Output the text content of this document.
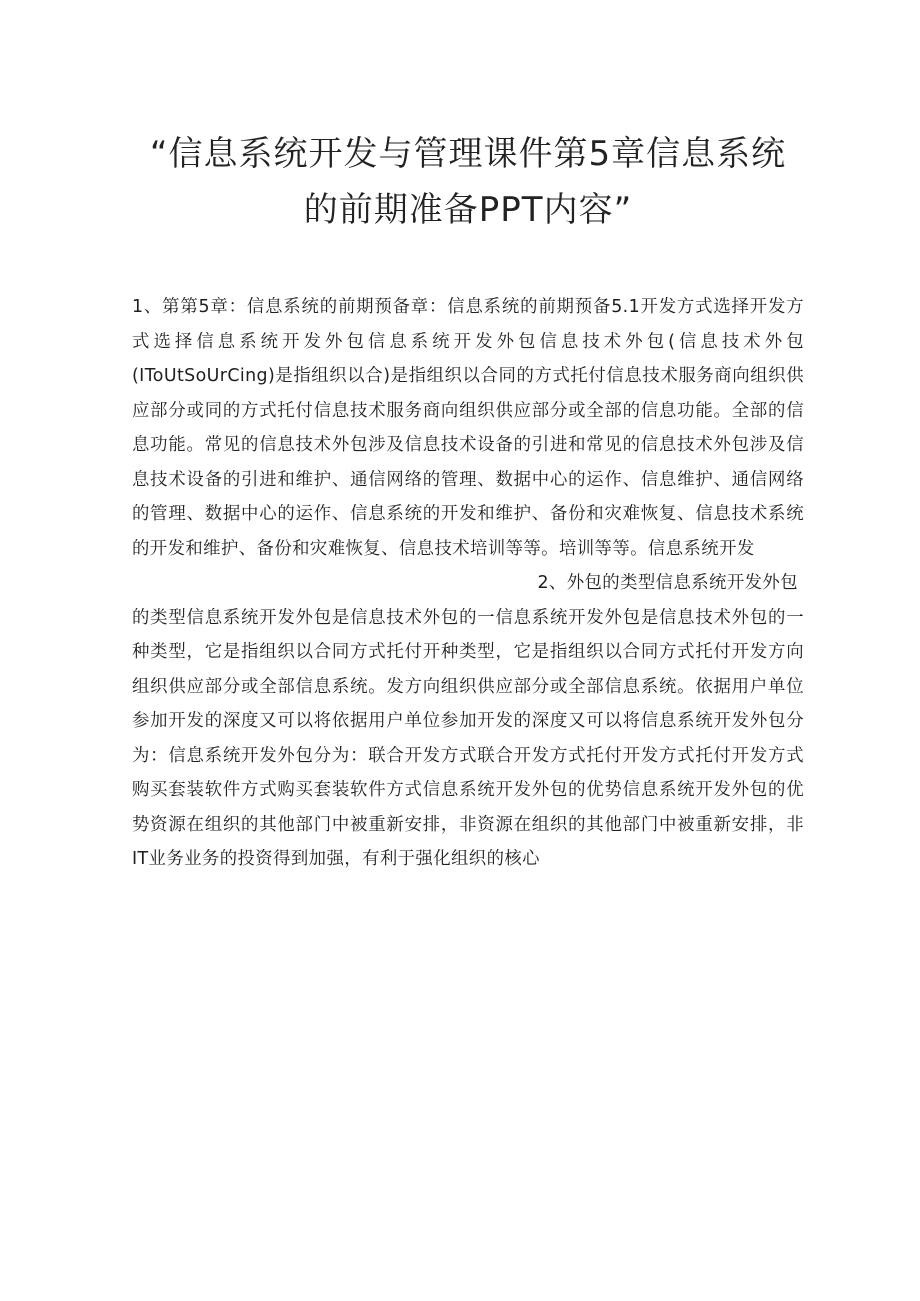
“信息系统开发与管理课件第5章信息系统
的前期准备PPT内容”

1、第第5章：信息系统的前期预备章：信息系统的前期预备5.1开发方式选择开发方式选择信息系统开发外包信息系统开发外包信息技术外包(信息技术外包(IToUtSoUrCing)是指组织以合)是指组织以合同的方式托付信息技术服务商向组织供应部分或同的方式托付信息技术服务商向组织供应部分或全部的信息功能。全部的信息功能。常见的信息技术外包涉及信息技术设备的引进和常见的信息技术外包涉及信息技术设备的引进和维护、通信网络的管理、数据中心的运作、信息维护、通信网络的管理、数据中心的运作、信息系统的开发和维护、备份和灾难恢复、信息技术系统的开发和维护、备份和灾难恢复、信息技术培训等等。培训等等。信息系统开发

2、外包的类型信息系统开发外包

的类型信息系统开发外包是信息技术外包的一信息系统开发外包是信息技术外包的一种类型，它是指组织以合同方式托付开种类型，它是指组织以合同方式托付开发方向组织供应部分或全部信息系统。发方向组织供应部分或全部信息系统。依据用户单位参加开发的深度又可以将依据用户单位参加开发的深度又可以将信息系统开发外包分为：信息系统开发外包分为：联合开发方式联合开发方式托付开发方式托付开发方式购买套装软件方式购买套装软件方式信息系统开发外包的优势信息系统开发外包的优势资源在组织的其他部门中被重新安排，非资源在组织的其他部门中被重新安排，非IT业务业务的投资得到加强，有利于强化组织的核心
